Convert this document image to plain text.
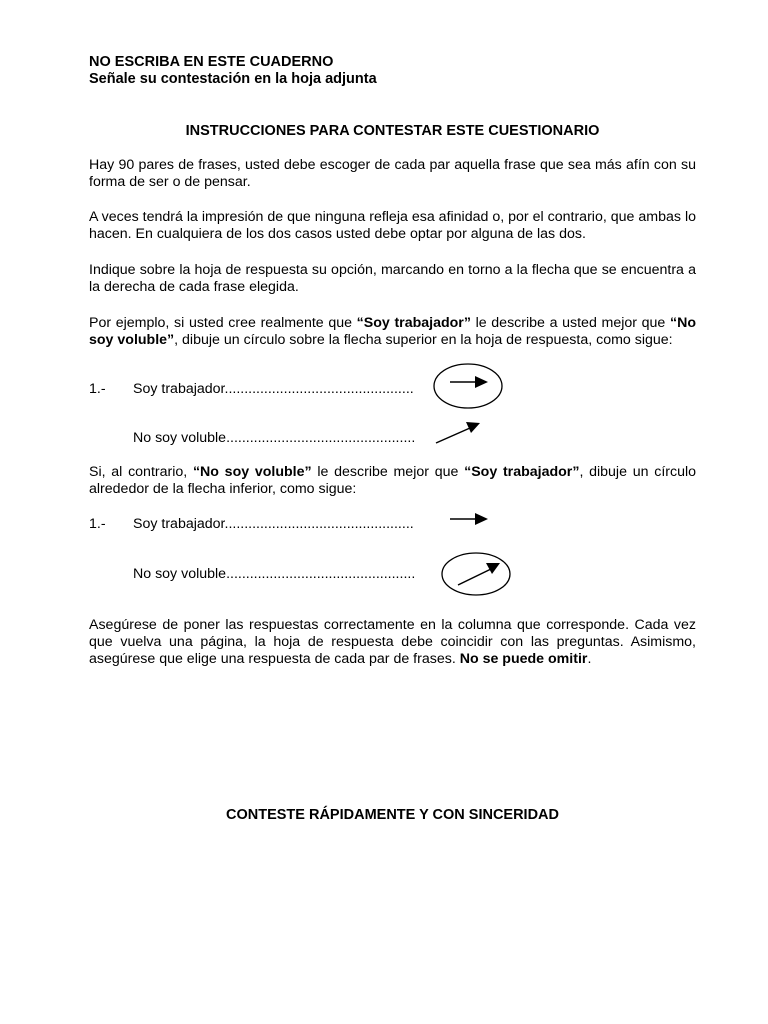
NO ESCRIBA EN ESTE CUADERNO
Señale su contestación en la hoja adjunta
INSTRUCCIONES PARA CONTESTAR ESTE CUESTIONARIO

Hay 90 pares de frases, usted debe escoger de cada par aquella frase que sea más afín con su forma de ser o de pensar.

A veces tendrá la impresión de que ninguna refleja esa afinidad o, por el contrario, que ambas lo hacen. En cualquiera de los dos casos usted debe optar por alguna de las dos.

Indique sobre la hoja de respuesta su opción, marcando en torno a la flecha que se encuentra a la derecha de cada frase elegida.

Por ejemplo, si usted cree realmente que “Soy trabajador” le describe a usted mejor que “No soy voluble”, dibuje un círculo sobre la flecha superior en la hoja de respuesta, como sigue:

1.- Soy trabajador................................................
No soy voluble................................................

Si, al contrario, “No soy voluble” le describe mejor que “Soy trabajador”, dibuje un círculo alrededor de la flecha inferior, como sigue:

1.- Soy trabajador................................................
No soy voluble................................................

Asegúrese de poner las respuestas correctamente en la columna que corresponde. Cada vez que vuelva una página, la hoja de respuesta debe coincidir con las preguntas. Asimismo, asegúrese que elige una respuesta de cada par de frases. No se puede omitir.

CONTESTE RÁPIDAMENTE Y CON SINCERIDAD
